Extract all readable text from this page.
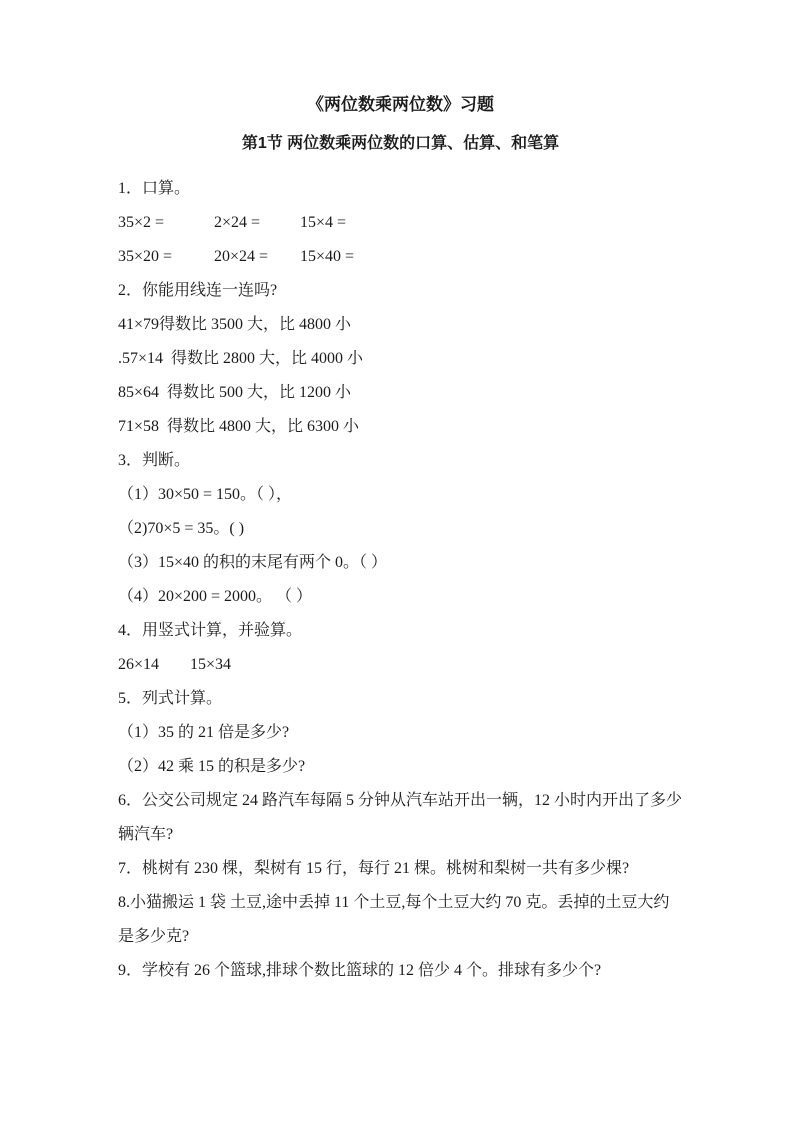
《两位数乘两位数》习题
第1节 两位数乘两位数的口算、估算、和笔算

1．口算。

35×2 =	2×24 = 15×4 =

35×20 =	20×24 = 15×40 =

2．你能用线连一连吗?

41×79得数比 3500 大，比 4800 小

.57×14  得数比 2800 大，比 4000 小

85×64  得数比 500 大，比 1200 小

71×58  得数比 4800 大，比 6300 小

3．判断。

（1）30×50 = 150。（ ），

（2)70×5 = 35。( )

（3）15×40 的积的末尾有两个 0。（ ）

（4）20×200 = 2000。 （ ）

4．用竖式计算，并验算。

26×14 15×34

5．列式计算。

（1）35 的 21 倍是多少?

（2）42 乘 15 的积是多少?

6．公交公司规定 24 路汽车每隔 5 分钟从汽车站开出一辆，12 小时内开出了多少

辆汽车?

7．桃树有 230 棵，梨树有 15 行，每行 21 棵。桃树和梨树一共有多少棵?

8.小猫搬运 1 袋 土豆,途中丢掉 11 个土豆,每个土豆大约 70 克。丢掉的土豆大约

是多少克?

9．学校有 26 个篮球,排球个数比篮球的 12 倍少 4 个。排球有多少个?
